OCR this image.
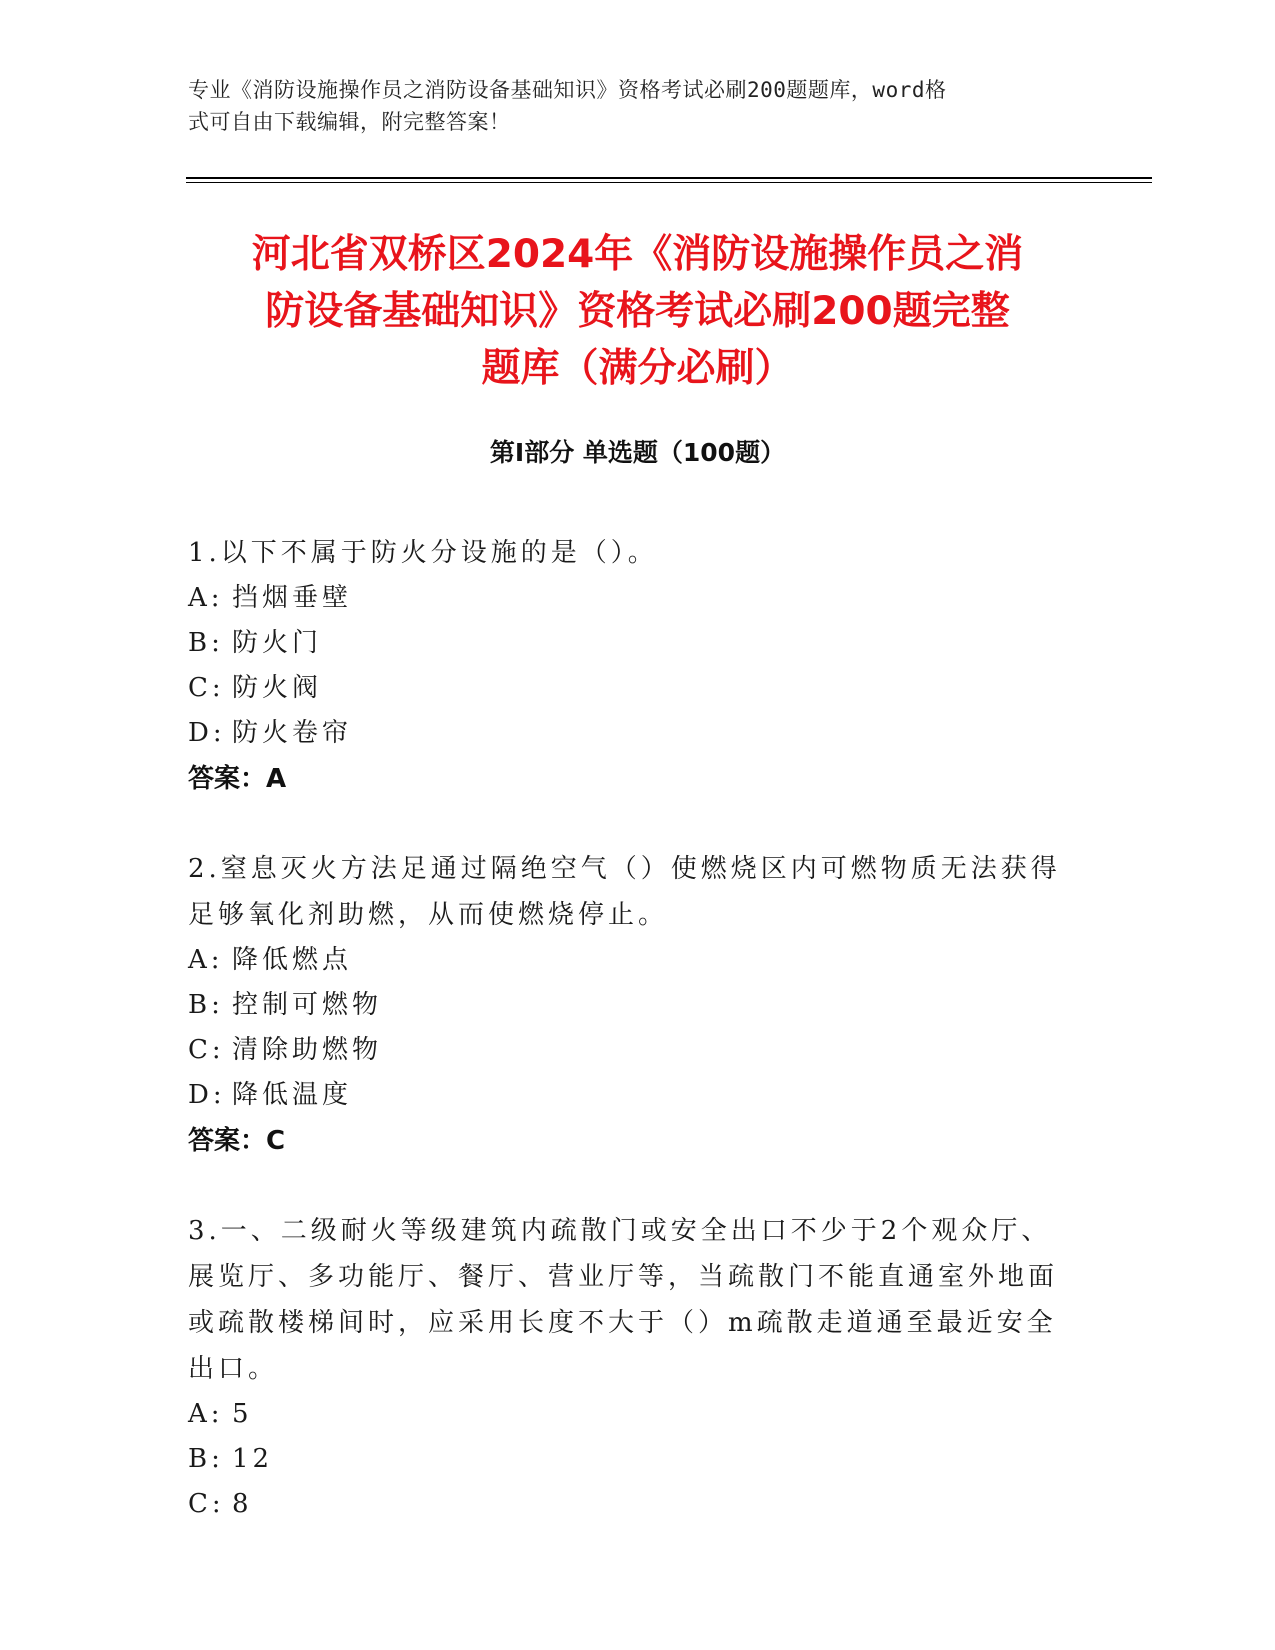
专业《消防设施操作员之消防设备基础知识》资格考试必刷200题题库，word格
式可自由下载编辑，附完整答案！
河北省双桥区2024年《消防设施操作员之消
防设备基础知识》资格考试必刷200题完整
题库（满分必刷）
第Ⅰ部分 单选题（100题）
1.以下不属于防火分设施的是（）。
A: 挡烟垂壁
B: 防火门
C: 防火阀
D: 防火卷帘
答案：A
2.窒息灭火方法足通过隔绝空气（）使燃烧区内可燃物质无法获得足够氧化剂助燃，从而使燃烧停止。
A: 降低燃点
B: 控制可燃物
C: 清除助燃物
D: 降低温度
答案：C
3.一、二级耐火等级建筑内疏散门或安全出口不少于2个观众厅、展览厅、多功能厅、餐厅、营业厅等，当疏散门不能直通室外地面或疏散楼梯间时，应采用长度不大于（）m疏散走道通至最近安全出口。
A: 5
B: 12
C: 8
